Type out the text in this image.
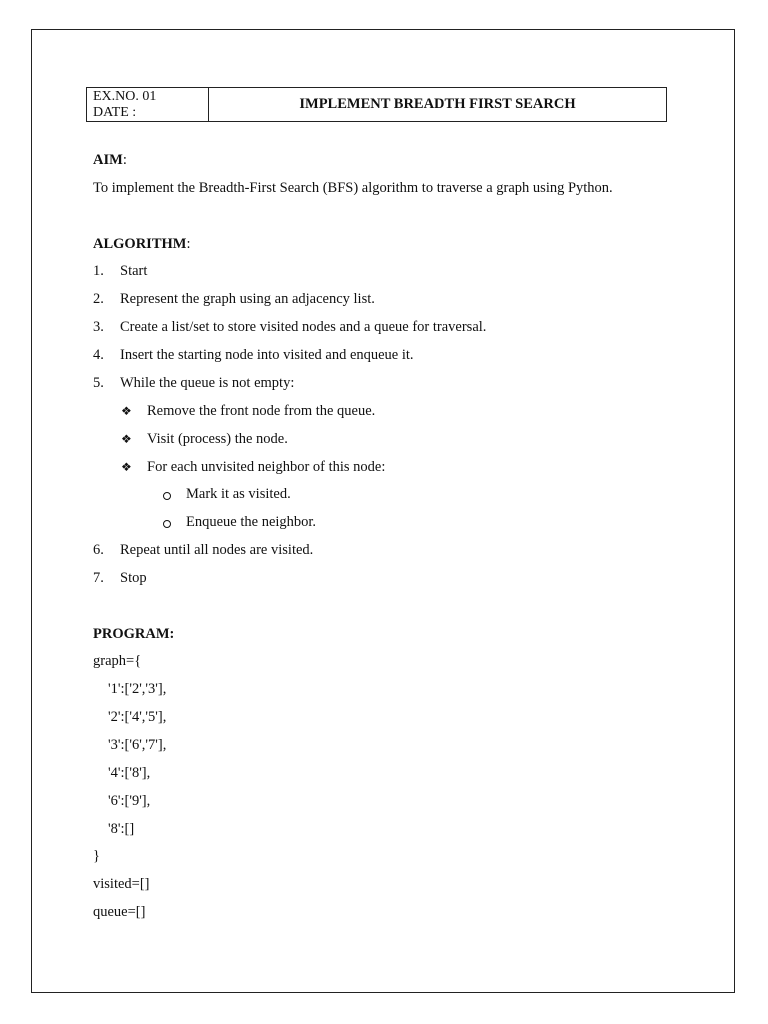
EX.NO. 01
DATE :	IMPLEMENT BREADTH FIRST SEARCH
AIM:
To implement the Breadth-First Search (BFS) algorithm to traverse a graph using Python.
ALGORITHM:
1. Start
2. Represent the graph using an adjacency list.
3. Create a list/set to store visited nodes and a queue for traversal.
4. Insert the starting node into visited and enqueue it.
5. While the queue is not empty:
❖ Remove the front node from the queue.
❖ Visit (process) the node.
❖ For each unvisited neighbor of this node:
Mark it as visited.
Enqueue the neighbor.
6. Repeat until all nodes are visited.
7. Stop
PROGRAM:
graph={
'1':['2','3'],
'2':['4','5'],
'3':['6','7'],
'4':['8'],
'6':['9'],
'8':[]
}
visited=[]
queue=[]
